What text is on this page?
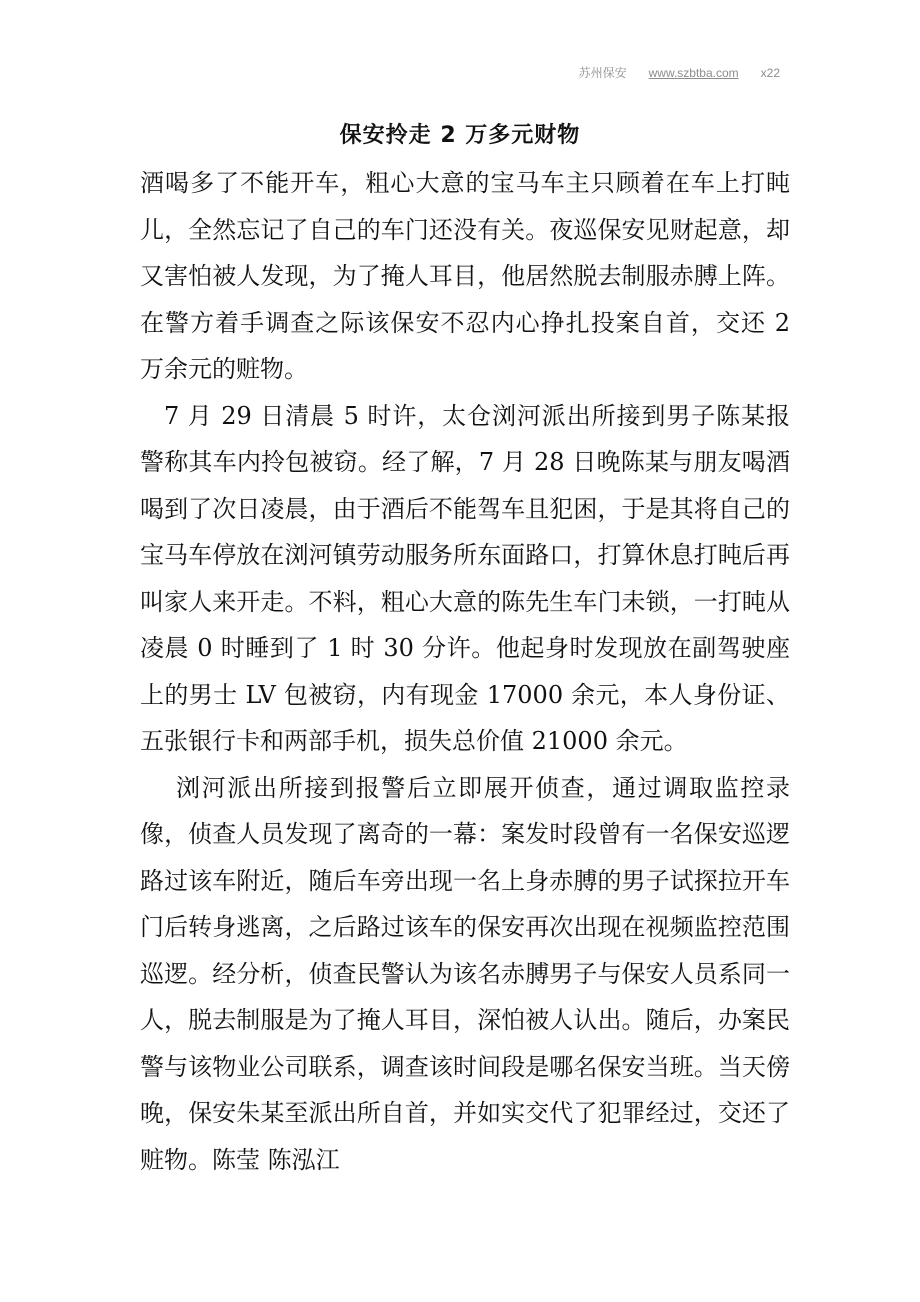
苏州保安 www.szbtba.com x22
保安拎走 2 万多元财物

酒喝多了不能开车，粗心大意的宝马车主只顾着在车上打盹儿，全然忘记了自己的车门还没有关。夜巡保安见财起意，却又害怕被人发现，为了掩人耳目，他居然脱去制服赤膊上阵。在警方着手调查之际该保安不忍内心挣扎投案自首，交还 2 万余元的赃物。

7 月 29 日清晨 5 时许，太仓浏河派出所接到男子陈某报警称其车内拎包被窃。经了解，7 月 28 日晚陈某与朋友喝酒喝到了次日凌晨，由于酒后不能驾车且犯困，于是其将自己的宝马车停放在浏河镇劳动服务所东面路口，打算休息打盹后再叫家人来开走。不料，粗心大意的陈先生车门未锁，一打盹从凌晨 0 时睡到了 1 时 30 分许。他起身时发现放在副驾驶座上的男士 LV 包被窃，内有现金 17000 余元，本人身份证、五张银行卡和两部手机，损失总价值 21000 余元。

浏河派出所接到报警后立即展开侦查，通过调取监控录像，侦查人员发现了离奇的一幕：案发时段曾有一名保安巡逻路过该车附近，随后车旁出现一名上身赤膊的男子试探拉开车门后转身逃离，之后路过该车的保安再次出现在视频监控范围巡逻。经分析，侦查民警认为该名赤膊男子与保安人员系同一人，脱去制服是为了掩人耳目，深怕被人认出。随后，办案民警与该物业公司联系，调查该时间段是哪名保安当班。当天傍晚，保安朱某至派出所自首，并如实交代了犯罪经过，交还了赃物。陈莹 陈泓江
